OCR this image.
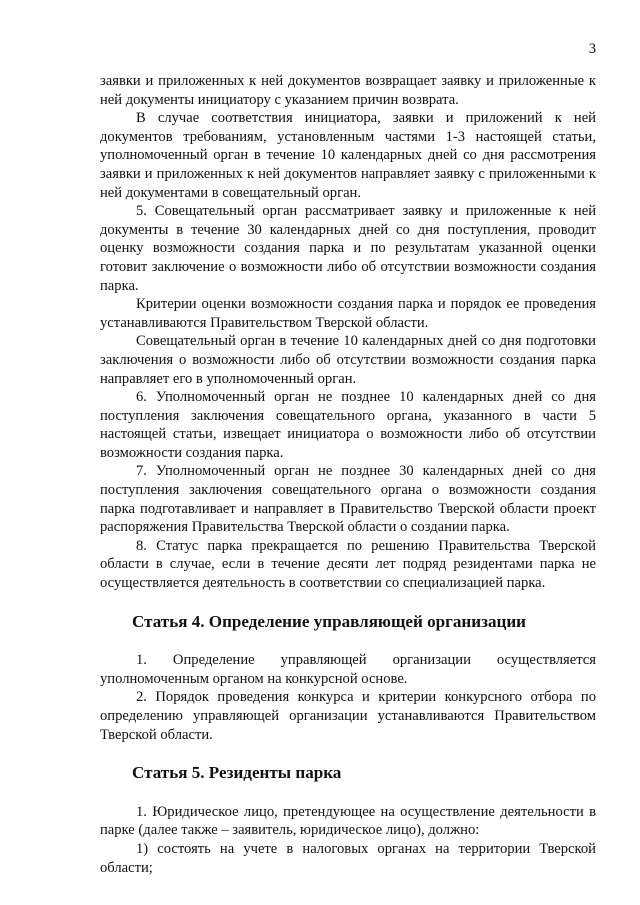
3

заявки и приложенных к ней документов возвращает заявку и приложенные к ней документы инициатору с указанием причин возврата.

В случае соответствия инициатора, заявки и приложений к ней документов требованиям, установленным частями 1-3 настоящей статьи, уполномоченный орган в течение 10 календарных дней со дня рассмотрения заявки и приложенных к ней документов направляет заявку с приложенными к ней документами в совещательный орган.

5. Совещательный орган рассматривает заявку и приложенные к ней документы в течение 30 календарных дней со дня поступления, проводит оценку возможности создания парка и по результатам указанной оценки готовит заключение о возможности либо об отсутствии возможности создания парка.

Критерии оценки возможности создания парка и порядок ее проведения устанавливаются Правительством Тверской области.

Совещательный орган в течение 10 календарных дней со дня подготовки заключения о возможности либо об отсутствии возможности создания парка направляет его в уполномоченный орган.

6. Уполномоченный орган не позднее 10 календарных дней со дня поступления заключения совещательного органа, указанного в части 5 настоящей статьи, извещает инициатора о возможности либо об отсутствии возможности создания парка.

7. Уполномоченный орган не позднее 30 календарных дней со дня поступления заключения совещательного органа о возможности создания парка подготавливает и направляет в Правительство Тверской области проект распоряжения Правительства Тверской области о создании парка.

8. Статус парка прекращается по решению Правительства Тверской области в случае, если в течение десяти лет подряд резидентами парка не осуществляется деятельность в соответствии со специализацией парка.

Статья 4. Определение управляющей организации

1. Определение управляющей организации осуществляется уполномоченным органом на конкурсной основе.

2. Порядок проведения конкурса и критерии конкурсного отбора по определению управляющей организации устанавливаются Правительством Тверской области.

Статья 5. Резиденты парка

1. Юридическое лицо, претендующее на осуществление деятельности в парке (далее также – заявитель, юридическое лицо), должно:

1) состоять на учете в налоговых органах на территории Тверской области;
